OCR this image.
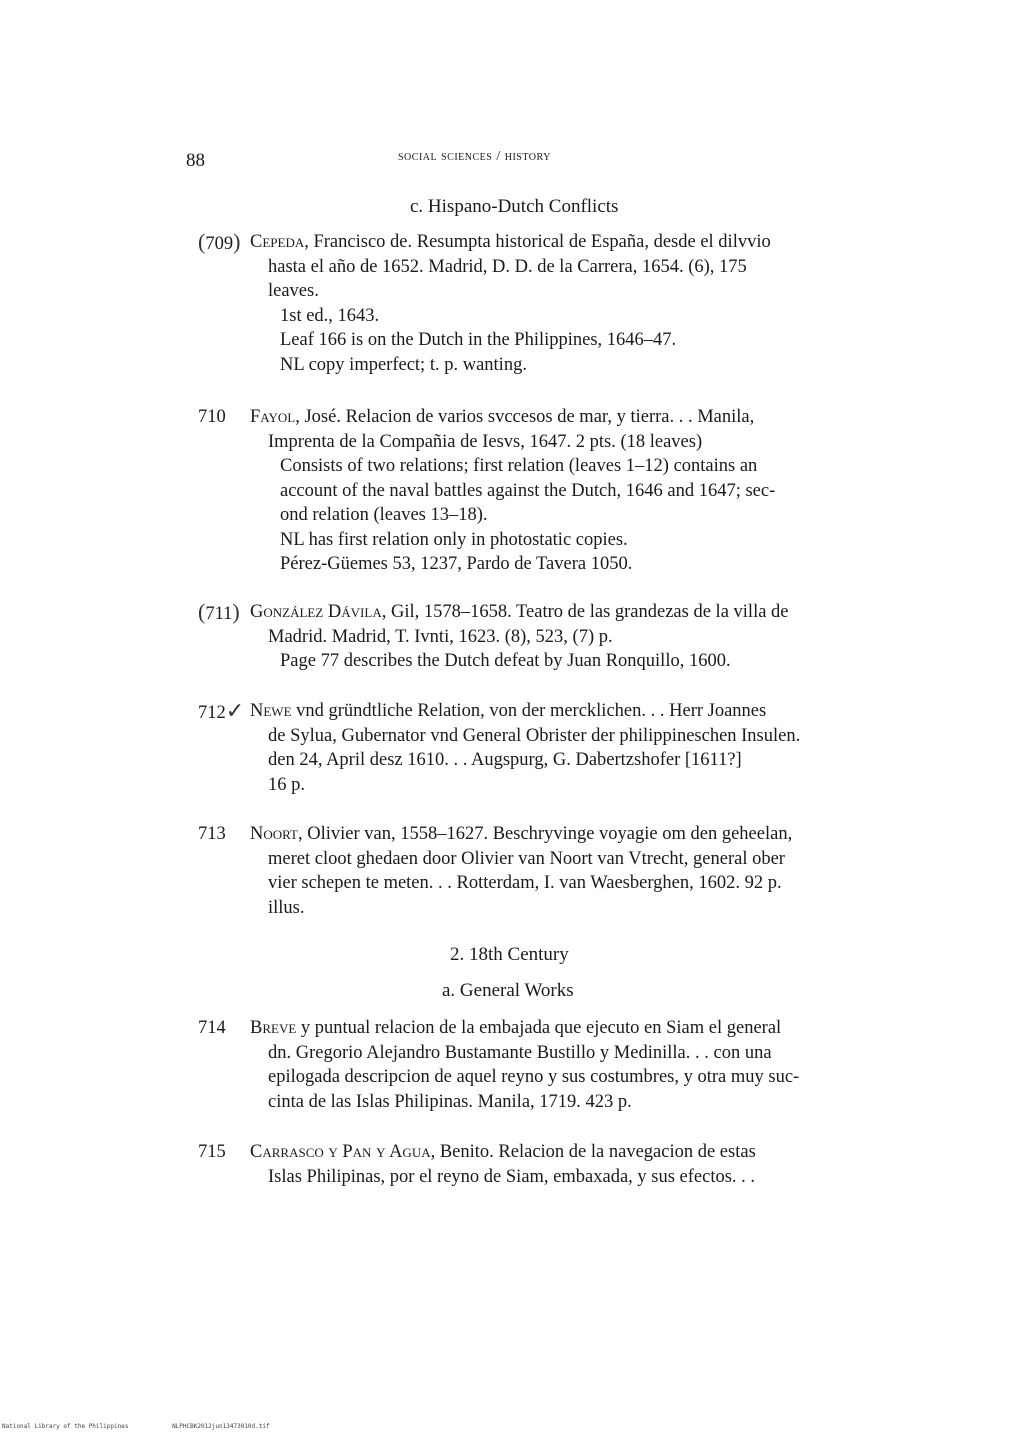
88	social sciences / history
c. Hispano-Dutch Conflicts
(709) Cepeda, Francisco de. Resumpta historical de España, desde el dilvvio
hasta el año de 1652. Madrid, D. D. de la Carrera, 1654. (6), 175
leaves.
1st ed., 1643.
Leaf 166 is on the Dutch in the Philippines, 1646–47.
NL copy imperfect; t. p. wanting.
710 Fayol, José. Relacion de varios svccesos de mar, y tierra. . . Manila,
Imprenta de la Compañia de Iesvs, 1647. 2 pts. (18 leaves)
Consists of two relations; first relation (leaves 1–12) contains an
account of the naval battles against the Dutch, 1646 and 1647; sec-
ond relation (leaves 13–18).
NL has first relation only in photostatic copies.
Pérez-Güemes 53, 1237, Pardo de Tavera 1050.
(711) González Dávila, Gil, 1578–1658. Teatro de las grandezas de la villa de
Madrid. Madrid, T. Ivnti, 1623. (8), 523, (7) p.
Page 77 describes the Dutch defeat by Juan Ronquillo, 1600.
712✓ Newe vnd gründtliche Relation, von der mercklichen. . . Herr Joannes
de Sylua, Gubernator vnd General Obrister der philippineschen Insulen.
den 24, April desz 1610. . . Augspurg, G. Dabertzshofer [1611?]
16 p.
713 Noort, Olivier van, 1558–1627. Beschryvinge voyagie om den geheelan,
meret cloot ghedaen door Olivier van Noort van Vtrecht, general ober
vier schepen te meten. . . Rotterdam, I. van Waesberghen, 1602. 92 p.
illus.
2. 18th Century
a. General Works
714 Breve y puntual relacion de la embajada que ejecuto en Siam el general
dn. Gregorio Alejandro Bustamante Bustillo y Medinilla. . . con una
epilogada descripcion de aquel reyno y sus costumbres, y otra muy suc-
cinta de las Islas Philipinas. Manila, 1719. 423 p.
715 Carrasco y Pan y Agua, Benito. Relacion de la navegacion de estas
Islas Philipinas, por el reyno de Siam, embaxada, y sus efectos. . .
National Library of the Philippines	NLPHCBK2012jun13473010d.tif
